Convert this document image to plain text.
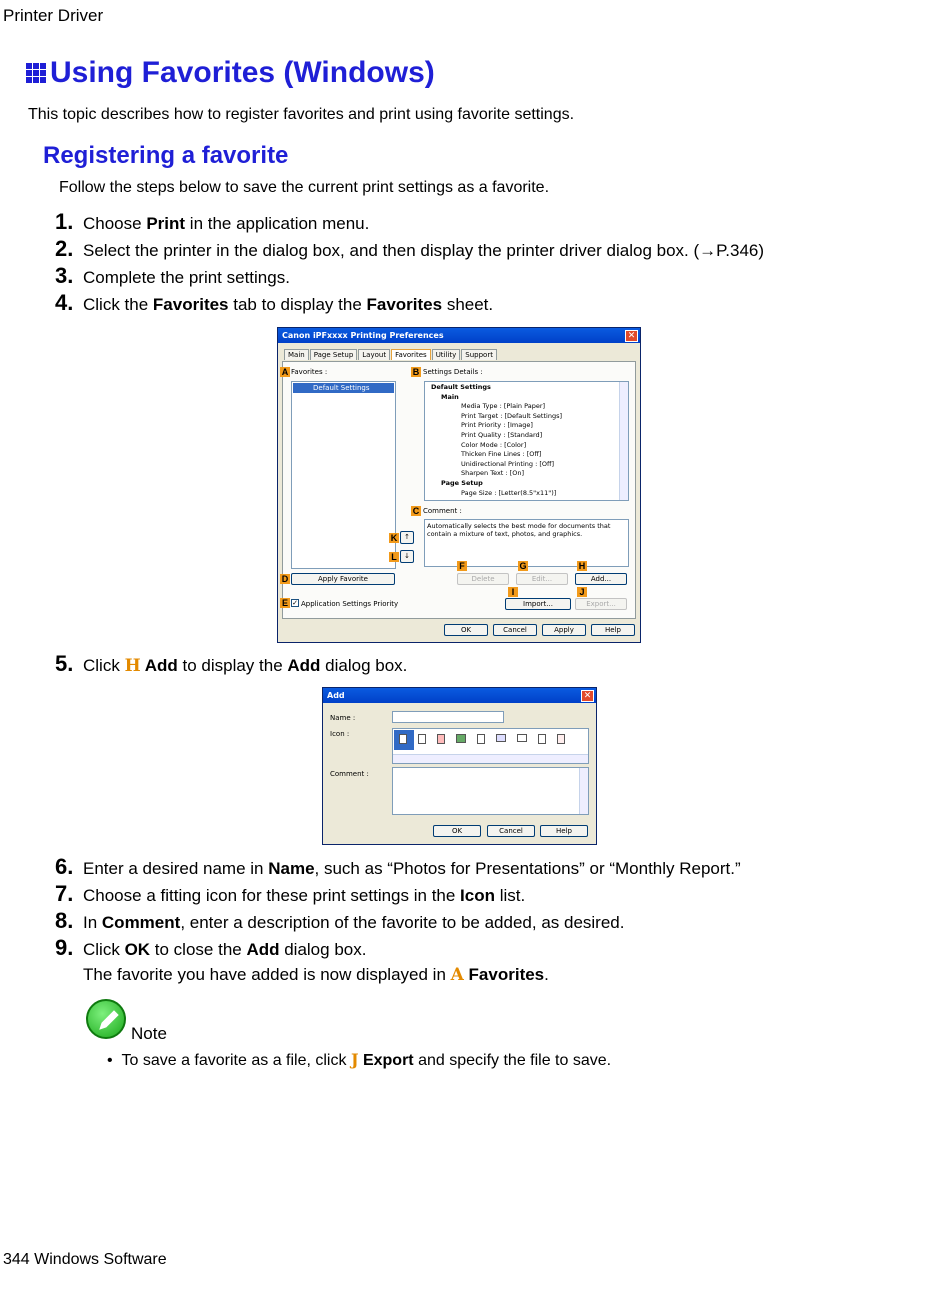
Printer Driver
Using Favorites (Windows)
This topic describes how to register favorites and print using favorite settings.
Registering a favorite
Follow the steps below to save the current print settings as a favorite.
1. Choose Print in the application menu.
2. Select the printer in the dialog box, and then display the printer driver dialog box. (→P.346)
3. Complete the print settings.
4. Click the Favorites tab to display the Favorites sheet.
Canon iPFxxxx Printing Preferences	✕
Main	Page Setup	Layout	Favorites	Utility	Support
A Favorites :
Default Settings
B Settings Details :
Default Settings
Main
Media Type : [Plain Paper]
Print Target : [Default Settings]
Print Priority : [Image]
Print Quality : [Standard]
Color Mode : [Color]
Thicken Fine Lines : [Off]
Unidirectional Printing : [Off]
Sharpen Text : [On]
Page Setup
Page Size : [Letter(8.5"x11")]
C Comment :
Automatically selects the best mode for documents that contain a mixture of text, photos, and graphics.
K ↑
L	↓
F	G	H
Delete	Edit...	Add...
D	Apply Favorite
I	J
E ✓ Application Settings Priority	Import...	Export...
OK	Cancel	Apply	Help
5. Click H Add to display the Add dialog box.
Add	✕
Name :
Icon :
Comment :
OK	Cancel	Help
6. Enter a desired name in Name, such as “Photos for Presentations” or “Monthly Report.”
7. Choose a fitting icon for these print settings in the Icon list.
8. In Comment, enter a description of the favorite to be added, as desired.
9. Click OK to close the Add dialog box.
The favorite you have added is now displayed in A Favorites.
Note
•  To save a favorite as a file, click J Export and specify the file to save.
344 Windows Software
